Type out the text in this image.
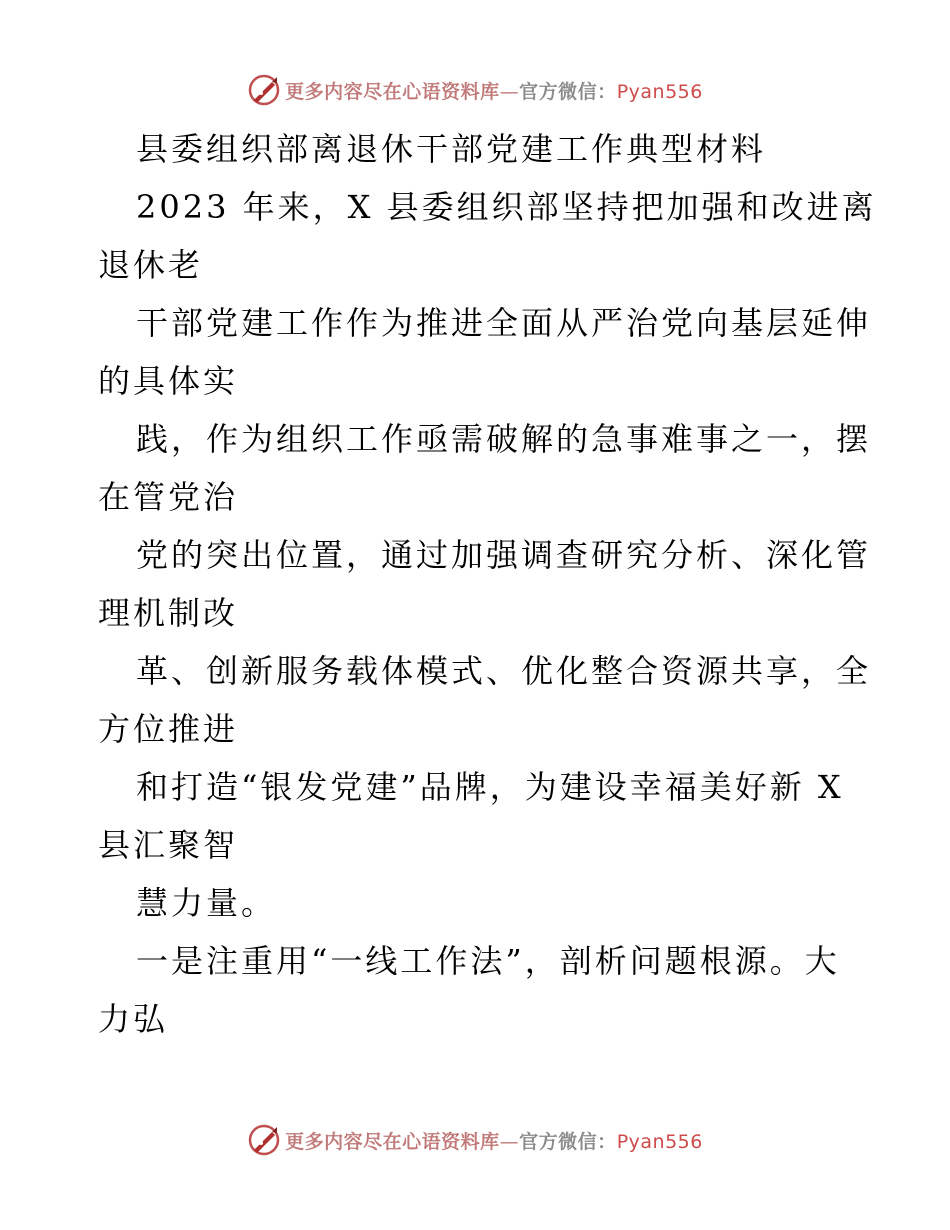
更多内容尽在心语资料库—官方微信：Pyan556
县委组织部离退休干部党建工作典型材料
2023 年来，X 县委组织部坚持把加强和改进离
退休老
干部党建工作作为推进全面从严治党向基层延伸
的具体实
践，作为组织工作亟需破解的急事难事之一，摆
在管党治
党的突出位置，通过加强调查研究分析、深化管
理机制改
革、创新服务载体模式、优化整合资源共享，全
方位推进
和打造“银发党建”品牌，为建设幸福美好新 X
县汇聚智
慧力量。
一是注重用“一线工作法”，剖析问题根源。大
力弘
更多内容尽在心语资料库—官方微信：Pyan556
